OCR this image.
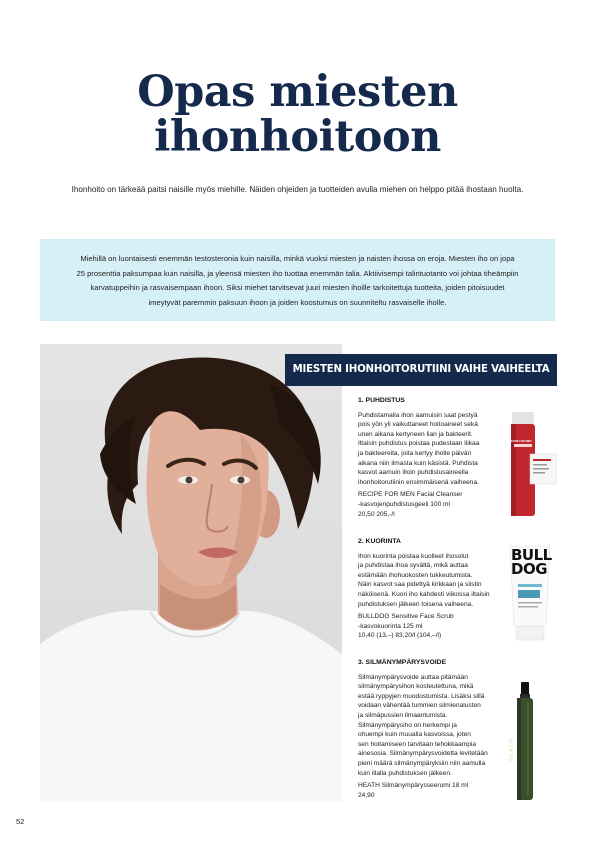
Opas miesten
ihonhoitoon
Ihonhoito on tärkeää paitsi naisille myös miehille. Näiden ohjeiden ja tuotteiden avulla miehen on helppo pitää ihostaan huolta.
Miehillä on luontaisesti enemmän testosteronia kuin naisilla, minkä vuoksi miesten ja naisten ihossa on eroja. Miesten iho on jopa
25 prosenttia paksumpaa kuin naisilla, ja yleensä miesten iho tuottaa enemmän talia. Aktiivisempi talintuotanto voi johtaa tiheämpiin
karvatuppeihin ja rasvaisempaan ihoon. Siksi miehet tarvitsevat juuri miesten ihoille tarkoitettuja tuotteita, joiden pitoisuudet
imeytyvät paremmin paksuun ihoon ja joiden koostumus on suunniteltu rasvaiselle iholle.
MIESTEN IHONHOITORUTIINI VAIHE VAIHEELTA
1. PUHDISTUS

Puhdistamalla ihon aamuisin saat pestyä

pois yön yli vaikuttaneet hoitoaineet sekä

unen aikana kertyneen lian ja bakteerit.

Iltaisin puhdistus poistaa pudestaan liikaa

ja bakteereita, joita kertyy iholle päivän

aikana niin ilmasta kuin käsistä. Puhdista

kasvot aamuin illoin puhdistusaineella

ihonhoitorutiinin ensimmäisenä vaiheena.

RECIPE FOR MEN Facial Cleanser

-kasvojenpuhdistusgeeli 100 ml

20,50 205,-/l

2. KUORINTA

Ihon kuorinta poistaa kuolleet ihosolut

ja puhdistaa ihoa syvältä, mikä auttaa

estämään ihohuokosten tukkeutumista.

Näin kasvot saa pidettyä kirkkaan ja siistin

näköisenä. Kuori iho kahdesti viikossa iltaisin

puhdistuksen jälkeen toisena vaiheena.

BULLDOG Sensitive Face Scrub

-kasvokuorinta 125 ml

10,40 (13,–) 83,20/l (104,–/l)

3. SILMÄNYMPÄRYSVOIDE

Silmänympärysvoide auttaa pitämään

silmänympärysihon kosteutettuna, mikä

estää ryppyjen muodostumista. Lisäksi sillä

voidaan vähentää tummien silmienalusten

ja silmäpussien ilmaantumista.

Silmänympärysiho on herkempi ja

ohuempi kuin muualla kasvoissa, joten

sen hoitamiseen tarvitaan tehokkaampia

ainesosia. Silmänympärysvoidetta levitetään

pieni määrä silmänympäryksiin niin aamulla

kuin illalla puhdistuksen jälkeen.

HEATH Silmänympärysseerumi 18 ml

24,90

RECIPE FOR MEN
BULL
DOG
HEATH
52
